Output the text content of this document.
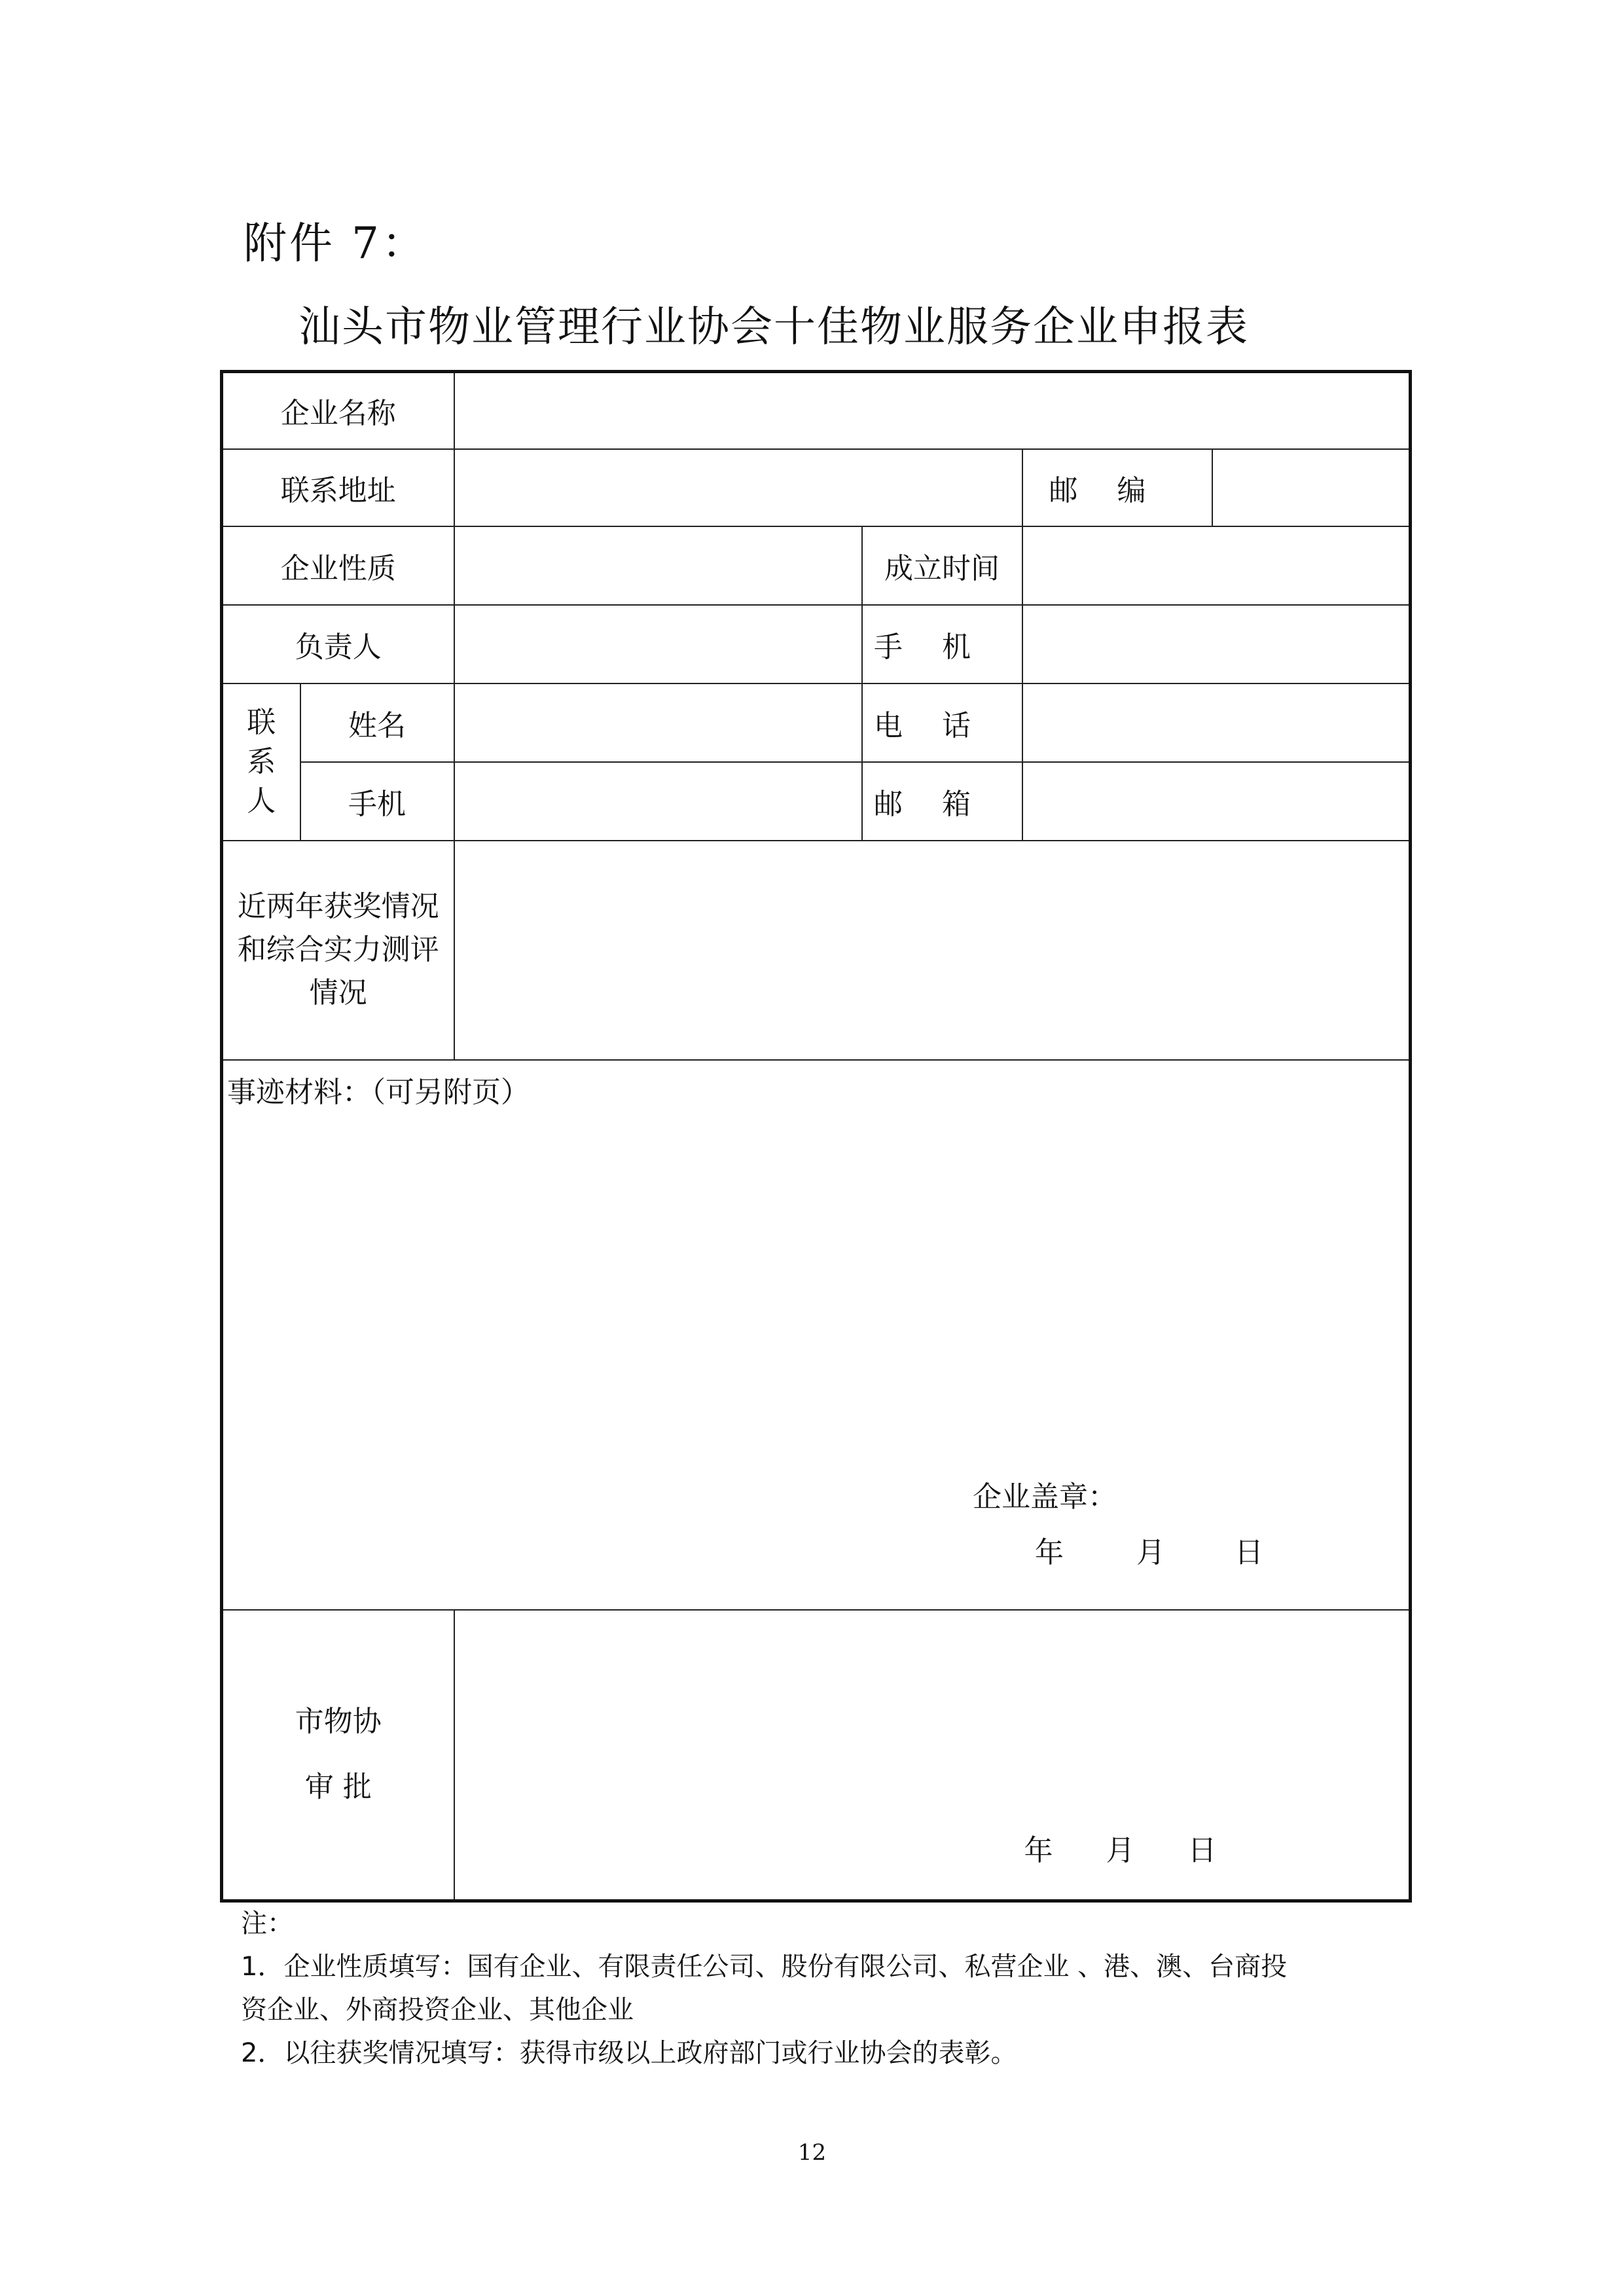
附件 7：
汕头市物业管理行业协会十佳物业服务企业申报表
企业名称					
联系地址				邮编	
企业性质			成立时间		
负责人			手机		
联
系
人	姓名		电话		
	手机		邮箱		
近两年获奖情况
和综合实力测评
情况					

事迹材料：（可另附页）
企业盖章：
年 月 日					

市物协
审 批		年 月 日			
注：
1．企业性质填写：国有企业、有限责任公司、股份有限公司、私营企业 、港、澳、台商投
资企业、外商投资企业、其他企业
2．以往获奖情况填写：获得市级以上政府部门或行业协会的表彰。
12
